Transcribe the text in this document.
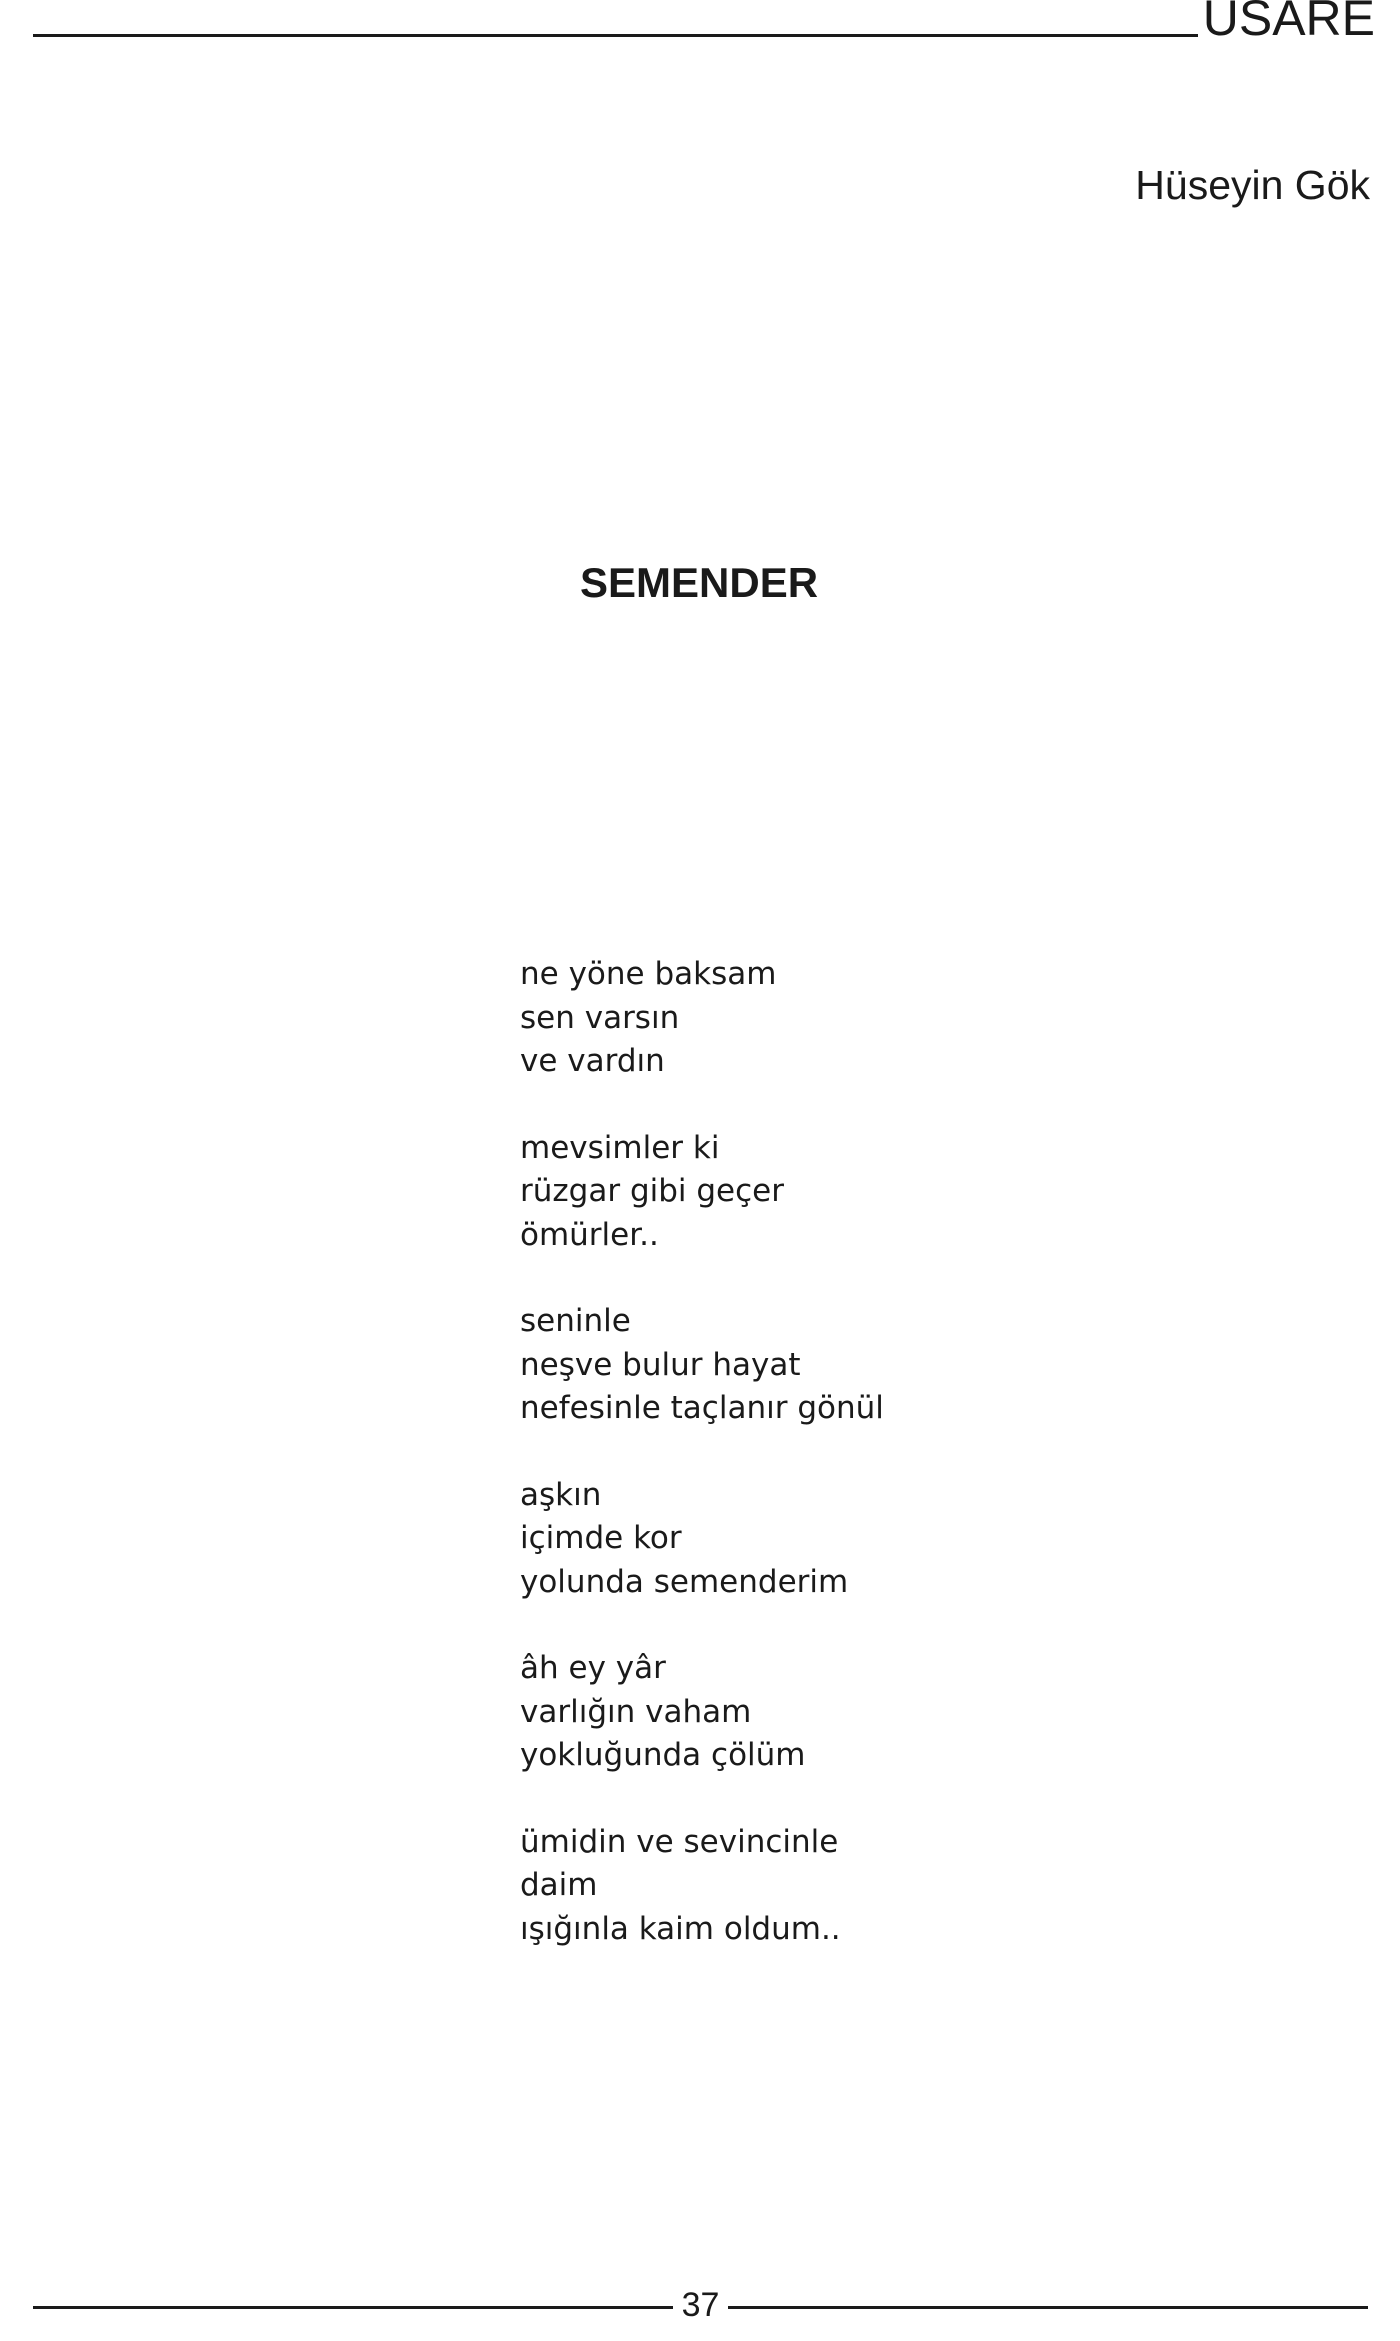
USARE
Hüseyin Gök
SEMENDER
ne yöne baksam
sen varsın
ve vardın
mevsimler ki
rüzgar gibi geçer
ömürler..
seninle
neşve bulur hayat
nefesinle taçlanır gönül
aşkın
içimde kor
yolunda semenderim
âh ey yâr
varlığın vaham
yokluğunda çölüm
ümidin ve sevincinle
daim
ışığınla kaim oldum..
37
